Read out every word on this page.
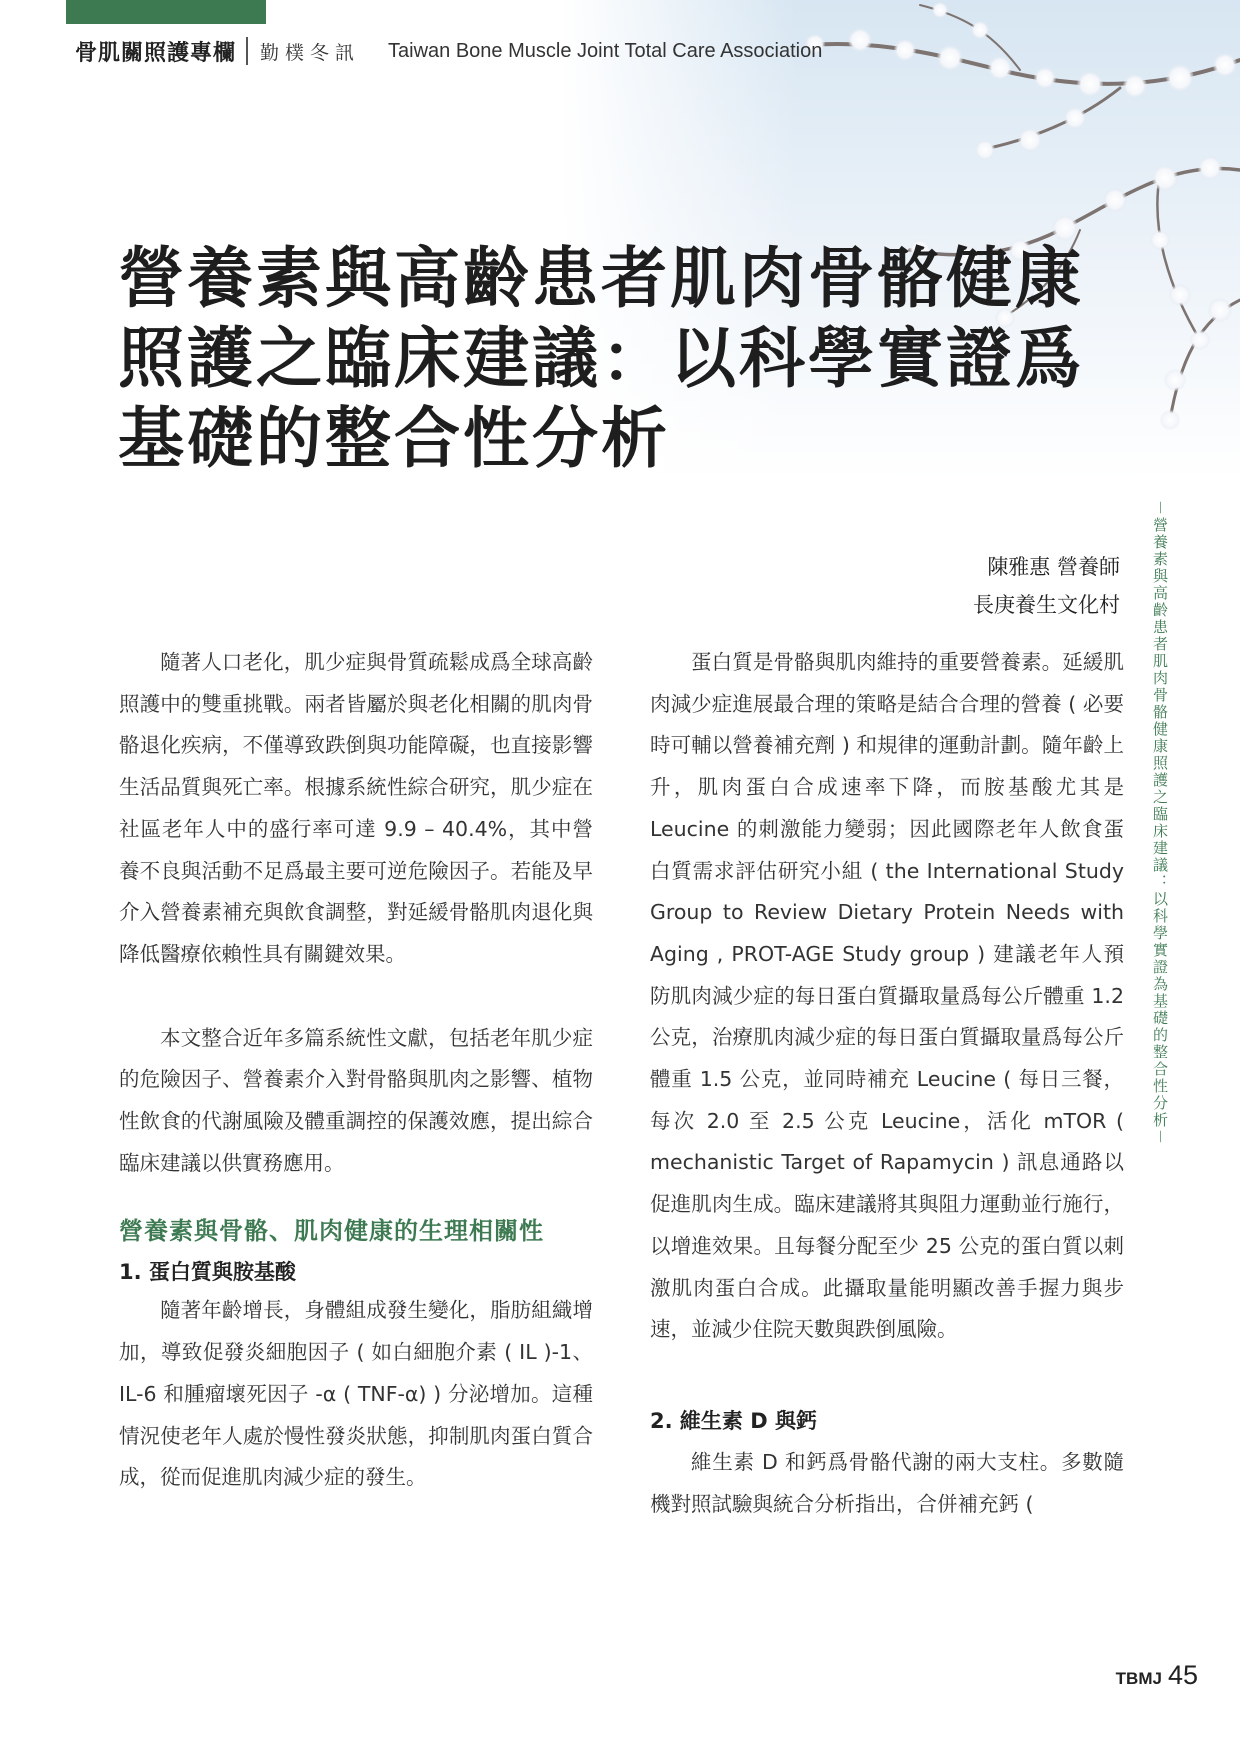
骨肌關照護專欄 勤樸冬訊 Taiwan Bone Muscle Joint Total Care Association
營養素與高齡患者肌肉骨骼健康
照護之臨床建議：以科學實證爲
基礎的整合性分析
－營養素與高齡患者肌肉骨骼健康照護之臨床建議：以科學實證為基礎的整合性分析－
陳雅惠 營養師
長庚養生文化村

隨著人口老化，肌少症與骨質疏鬆成爲全球高齡照護中的雙重挑戰。兩者皆屬於與老化相關的肌肉骨骼退化疾病，不僅導致跌倒與功能障礙，也直接影響生活品質與死亡率。根據系統性綜合研究，肌少症在社區老年人中的盛行率可達 9.9 – 40.4%，其中營養不良與活動不足爲最主要可逆危險因子。若能及早介入營養素補充與飲食調整，對延緩骨骼肌肉退化與降低醫療依賴性具有關鍵效果。

本文整合近年多篇系統性文獻，包括老年肌少症的危險因子、營養素介入對骨骼與肌肉之影響、植物性飲食的代謝風險及體重調控的保護效應，提出綜合臨床建議以供實務應用。

營養素與骨骼、肌肉健康的生理相關性
1. 蛋白質與胺基酸

隨著年齡增長，身體組成發生變化，脂肪組織增加，導致促發炎細胞因子 ( 如白細胞介素 ( IL )-1、IL-6 和腫瘤壞死因子 -α ( TNF-α) ) 分泌增加。這種情況使老年人處於慢性發炎狀態，抑制肌肉蛋白質合成，從而促進肌肉減少症的發生。

蛋白質是骨骼與肌肉維持的重要營養素。延緩肌肉減少症進展最合理的策略是結合合理的營養 ( 必要時可輔以營養補充劑 ) 和規律的運動計劃。隨年齡上升，肌肉蛋白合成速率下降，而胺基酸尤其是 Leucine 的刺激能力變弱；因此國際老年人飲食蛋白質需求評估研究小組 ( the International Study Group to Review Dietary Protein Needs with Aging , PROT-AGE Study group ) 建議老年人預防肌肉減少症的每日蛋白質攝取量爲每公斤體重 1.2 公克，治療肌肉減少症的每日蛋白質攝取量爲每公斤體重 1.5 公克，並同時補充 Leucine ( 每日三餐，每次 2.0 至 2.5 公克 Leucine，活化 mTOR ( mechanistic Target of Rapamycin ) 訊息通路以促進肌肉生成。臨床建議將其與阻力運動並行施行，以增進效果。且每餐分配至少 25 公克的蛋白質以刺激肌肉蛋白合成。此攝取量能明顯改善手握力與步速，並減少住院天數與跌倒風險。

2. 維生素 D 與鈣

維生素 D 和鈣爲骨骼代謝的兩大支柱。多數隨機對照試驗與統合分析指出，合併補充鈣 (

TBMJ 45
